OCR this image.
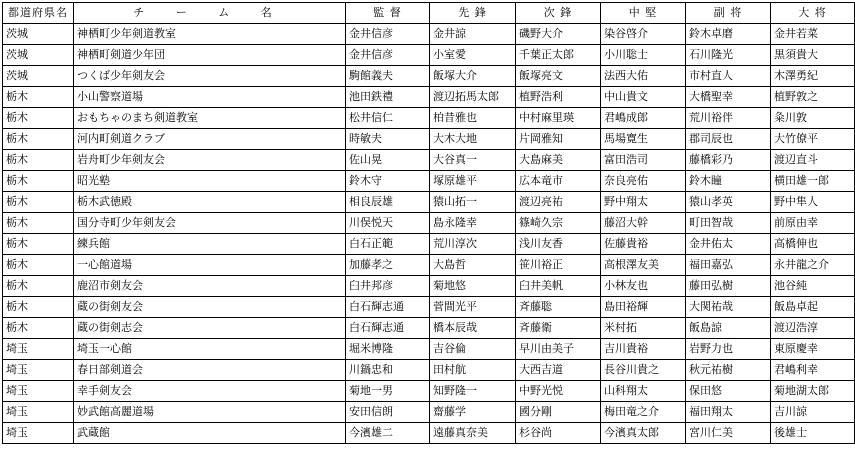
都道府県名	チ ー ム 名	監 督	先 鋒	次 鋒	中 堅	副 将	大 将
茨城	神栖町少年剣道教室	金井信彦	金井諒	磯野大介	染谷啓介	鈴木卓磨	金井若菜
茨城	神栖町剣道少年団	金井信彦	小室愛	千葉正太郎	小川聡士	石川隆光	黒須貴大
茨城	つくば少年剣友会	駒館義夫	飯塚大介	飯塚亮文	法西大佑	市村直人	木澤勇紀
栃木	小山警察道場	池田鉄禮	渡辺拓馬太郎	植野浩利	中山貴文	大橋聖幸	植野敦之
栃木	おもちゃのまち剣道教室	松井信仁	柏昔雅也	中村麻里瑛	君嶋成郎	荒川裕伴	粂川敦
栃木	河内町剣道クラブ	時敏夫	大木大地	片岡雅知	馬場寛生	郡司辰也	大竹僚平
栃木	岩舟町少年剣友会	佐山晃	大谷真一	大島麻美	富田浩司	藤橋彩乃	渡辺直斗
栃木	昭光塾	鈴木守	塚原雄平	広本竜市	奈良亮佑	鈴木瞳	横田雄一郎
栃木	栃木武徳殿	相良辰雄	猿山拓一	渡辺亮祐	野中翔太	猿山孝英	野中隼人
栃木	国分寺町少年剣友会	川俣悦天	島永隆幸	篠崎久宗	藤沼大幹	町田智哉	前原由幸
栃木	練兵館	白石正範	荒川淳次	浅川友香	佐藤貴裕	金井佑太	高橋伸也
栃木	一心館道場	加藤孝之	大島哲	笹川裕正	高根澤友美	福田嘉弘	永井龍之介
栃木	鹿沼市剣友会	臼井邦彦	菊地悠	臼井美帆	小林友也	藤田弘樹	池谷純
栃木	蔵の街剣友会	白石輝志通	菅間光平	斉藤聡	島田裕輝	大関祐哉	飯島卓起
栃木	蔵の街剣志会	白石輝志通	橋本辰哉	斉藤衛	米村拓	飯島諒	渡辺浩淳
埼玉	埼玉一心館	堀米博隆	吉谷倫	早川由美子	吉川貴裕	岩野力也	東原慶幸
埼玉	春日部剣道会	川鍋忠和	田村航	大西吉道	長谷川貴之	秋元祐樹	君嶋利幸
埼玉	幸手剣友会	菊地一男	知野隆一	中野光悦	山科翔太	保田悠	菊地湖太郎
埼玉	妙武館高麗道場	安田信朗	齋藤学	國分剛	梅田竜之介	福田翔太	吉川諒
埼玉	武蔵館	今濱雄二	遠藤真奈美	杉谷尚	今濱真太郎	宮川仁美	後雄士
